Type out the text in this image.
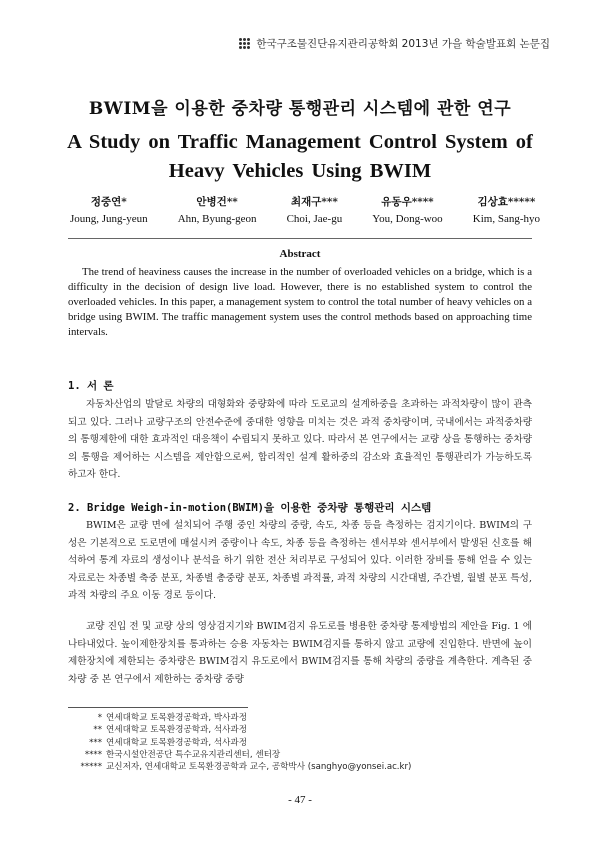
한국구조물진단유지관리공학회 2013년 가을 학술발표회 논문집
BWIM을 이용한 중차량 통행관리 시스템에 관한 연구
A Study on Traffic Management Control System of Heavy Vehicles Using BWIM
정중연*
Joung, Jung-yeun
안병건**
Ahn, Byung-geon
최재구***
Choi, Jae-gu
유동우****
You, Dong-woo
김상효*****
Kim, Sang-hyo
Abstract

The trend of heaviness causes the increase in the number of overloaded vehicles on a bridge, which is a difficulty in the decision of design live load. However, there is no established system to control the overloaded vehicles. In this paper, a management system to control the total number of heavy vehicles on a bridge using BWIM. The traffic management system uses the control methods based on approaching time intervals.

1. 서 론

자동차산업의 발달로 차량의 대형화와 중량화에 따라 도로교의 설계하중을 초과하는 과적차량이 많이 관측되고 있다. 그러나 교량구조의 안전수준에 중대한 영향을 미치는 것은 과적 중차량이며, 국내에서는 과적중차량의 통행제한에 대한 효과적인 대응책이 수립되지 못하고 있다. 따라서 본 연구에서는 교량 상을 통행하는 중차량의 통행을 제어하는 시스템을 제안함으로써, 합리적인 설계 활하중의 감소와 효율적인 통행관리가 가능하도록 하고자 한다.

2. Bridge Weigh-in-motion(BWIM)을 이용한 중차량 통행관리 시스템

BWIM은 교량 면에 설치되어 주행 중인 차량의 중량, 속도, 차종 등을 측정하는 검지기이다. BWIM의 구성은 기본적으로 도로면에 매설시켜 중량이나 속도, 차종 등을 측정하는 센서부와 센서부에서 발생된 신호를 해석하여 통계 자료의 생성이나 분석을 하기 위한 전산 처리부로 구성되어 있다. 이러한 장비를 통해 얻을 수 있는 자료로는 차종별 축중 분포, 차종별 총중량 분포, 차종별 과적률, 과적 차량의 시간대별, 주간별, 월별 분포 특성, 과적 차량의 주요 이동 경로 등이다.

교량 진입 전 및 교량 상의 영상검지기와 BWIM검지 유도로를 병용한 중차량 통제방법의 제안을 Fig. 1 에 나타내었다. 높이제한장치를 통과하는 승용 자동차는 BWIM검지를 통하지 않고 교량에 진입한다. 반면에 높이제한장치에 제한되는 중차량은 BWIM검지 유도로에서 BWIM검지를 통해 차량의 중량을 계측한다. 계측된 중차량 중 본 연구에서 제한하는 중차량 중량

* 연세대학교 토목환경공학과, 박사과정
** 연세대학교 토목환경공학과, 석사과정
*** 연세대학교 토목환경공학과, 석사과정
**** 한국시설안전공단 특수교유지관리센터, 센터장
***** 교신저자, 연세대학교 토목환경공학과 교수, 공학박사 (sanghyo@yonsei.ac.kr)
- 47 -
